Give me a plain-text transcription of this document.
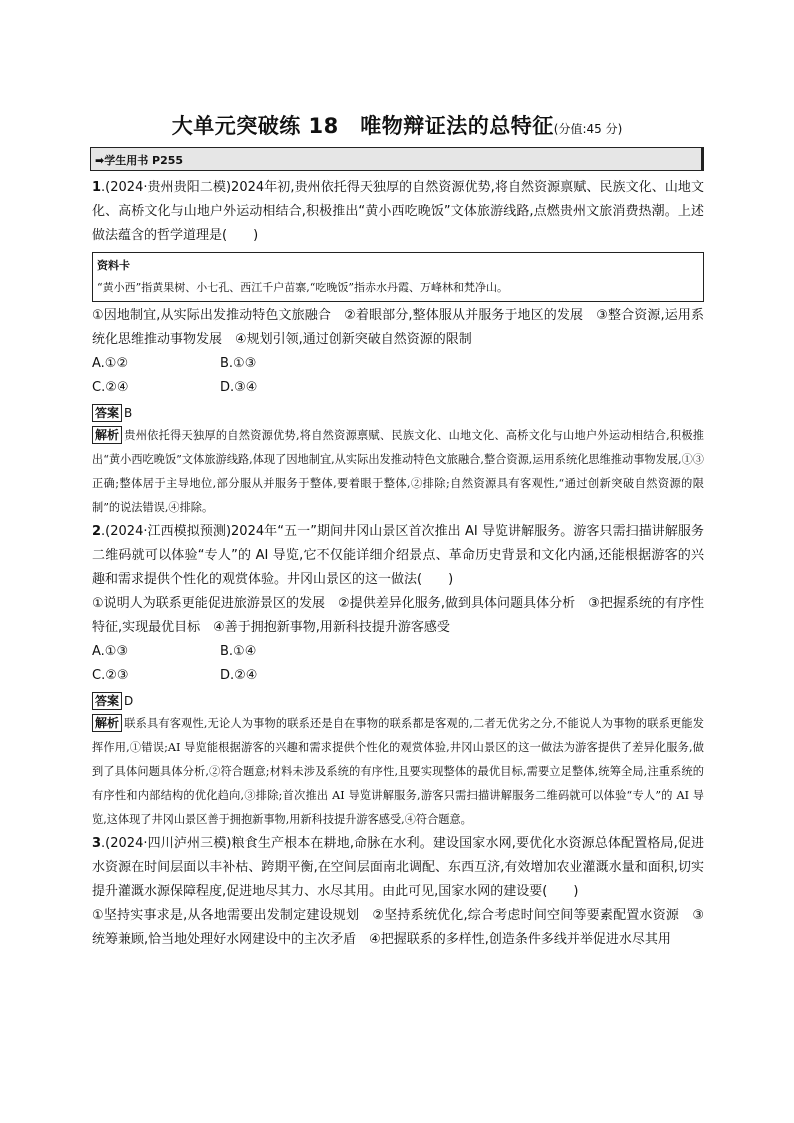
大单元突破练 18　唯物辩证法的总特征(分值:45 分)
➡学生用书 P255

1.(2024·贵州贵阳二模)2024年初,贵州依托得天独厚的自然资源优势,将自然资源禀赋、民族文化、山地文化、高桥文化与山地户外运动相结合,积极推出“黄小西吃晚饭”文体旅游线路,点燃贵州文旅消费热潮。上述做法蕴含的哲学道理是(　　)

资料卡
“黄小西”指黄果树、小七孔、西江千户苗寨,“吃晚饭”指赤水丹霞、万峰林和梵净山。

①因地制宜,从实际出发推动特色文旅融合　②着眼部分,整体服从并服务于地区的发展　③整合资源,运用系统化思维推动事物发展　④规划引领,通过创新突破自然资源的限制

A.①②	B.①③
C.②④	D.③④

答案 B

解析 贵州依托得天独厚的自然资源优势,将自然资源禀赋、民族文化、山地文化、高桥文化与山地户外运动相结合,积极推出“黄小西吃晚饭”文体旅游线路,体现了因地制宜,从实际出发推动特色文旅融合,整合资源,运用系统化思维推动事物发展,①③正确;整体居于主导地位,部分服从并服务于整体,要着眼于整体,②排除;自然资源具有客观性,“通过创新突破自然资源的限制”的说法错误,④排除。

2.(2024·江西模拟预测)2024年“五一”期间井冈山景区首次推出 AI 导览讲解服务。游客只需扫描讲解服务二维码就可以体验“专人”的 AI 导览,它不仅能详细介绍景点、革命历史背景和文化内涵,还能根据游客的兴趣和需求提供个性化的观赏体验。井冈山景区的这一做法(　　)

①说明人为联系更能促进旅游景区的发展　②提供差异化服务,做到具体问题具体分析　③把握系统的有序性特征,实现最优目标　④善于拥抱新事物,用新科技提升游客感受

A.①③	B.①④
C.②③	D.②④

答案 D

解析 联系具有客观性,无论人为事物的联系还是自在事物的联系都是客观的,二者无优劣之分,不能说人为事物的联系更能发挥作用,①错误;AI 导览能根据游客的兴趣和需求提供个性化的观赏体验,井冈山景区的这一做法为游客提供了差异化服务,做到了具体问题具体分析,②符合题意;材料未涉及系统的有序性,且要实现整体的最优目标,需要立足整体,统筹全局,注重系统的有序性和内部结构的优化趋向,③排除;首次推出 AI 导览讲解服务,游客只需扫描讲解服务二维码就可以体验“专人”的 AI 导览,这体现了井冈山景区善于拥抱新事物,用新科技提升游客感受,④符合题意。

3.(2024·四川泸州三模)粮食生产根本在耕地,命脉在水利。建设国家水网,要优化水资源总体配置格局,促进水资源在时间层面以丰补枯、跨期平衡,在空间层面南北调配、东西互济,有效增加农业灌溉水量和面积,切实提升灌溉水源保障程度,促进地尽其力、水尽其用。由此可见,国家水网的建设要(　　)

①坚持实事求是,从各地需要出发制定建设规划　②坚持系统优化,综合考虑时间空间等要素配置水资源　③统筹兼顾,恰当地处理好水网建设中的主次矛盾　④把握联系的多样性,创造条件多线并举促进水尽其用
